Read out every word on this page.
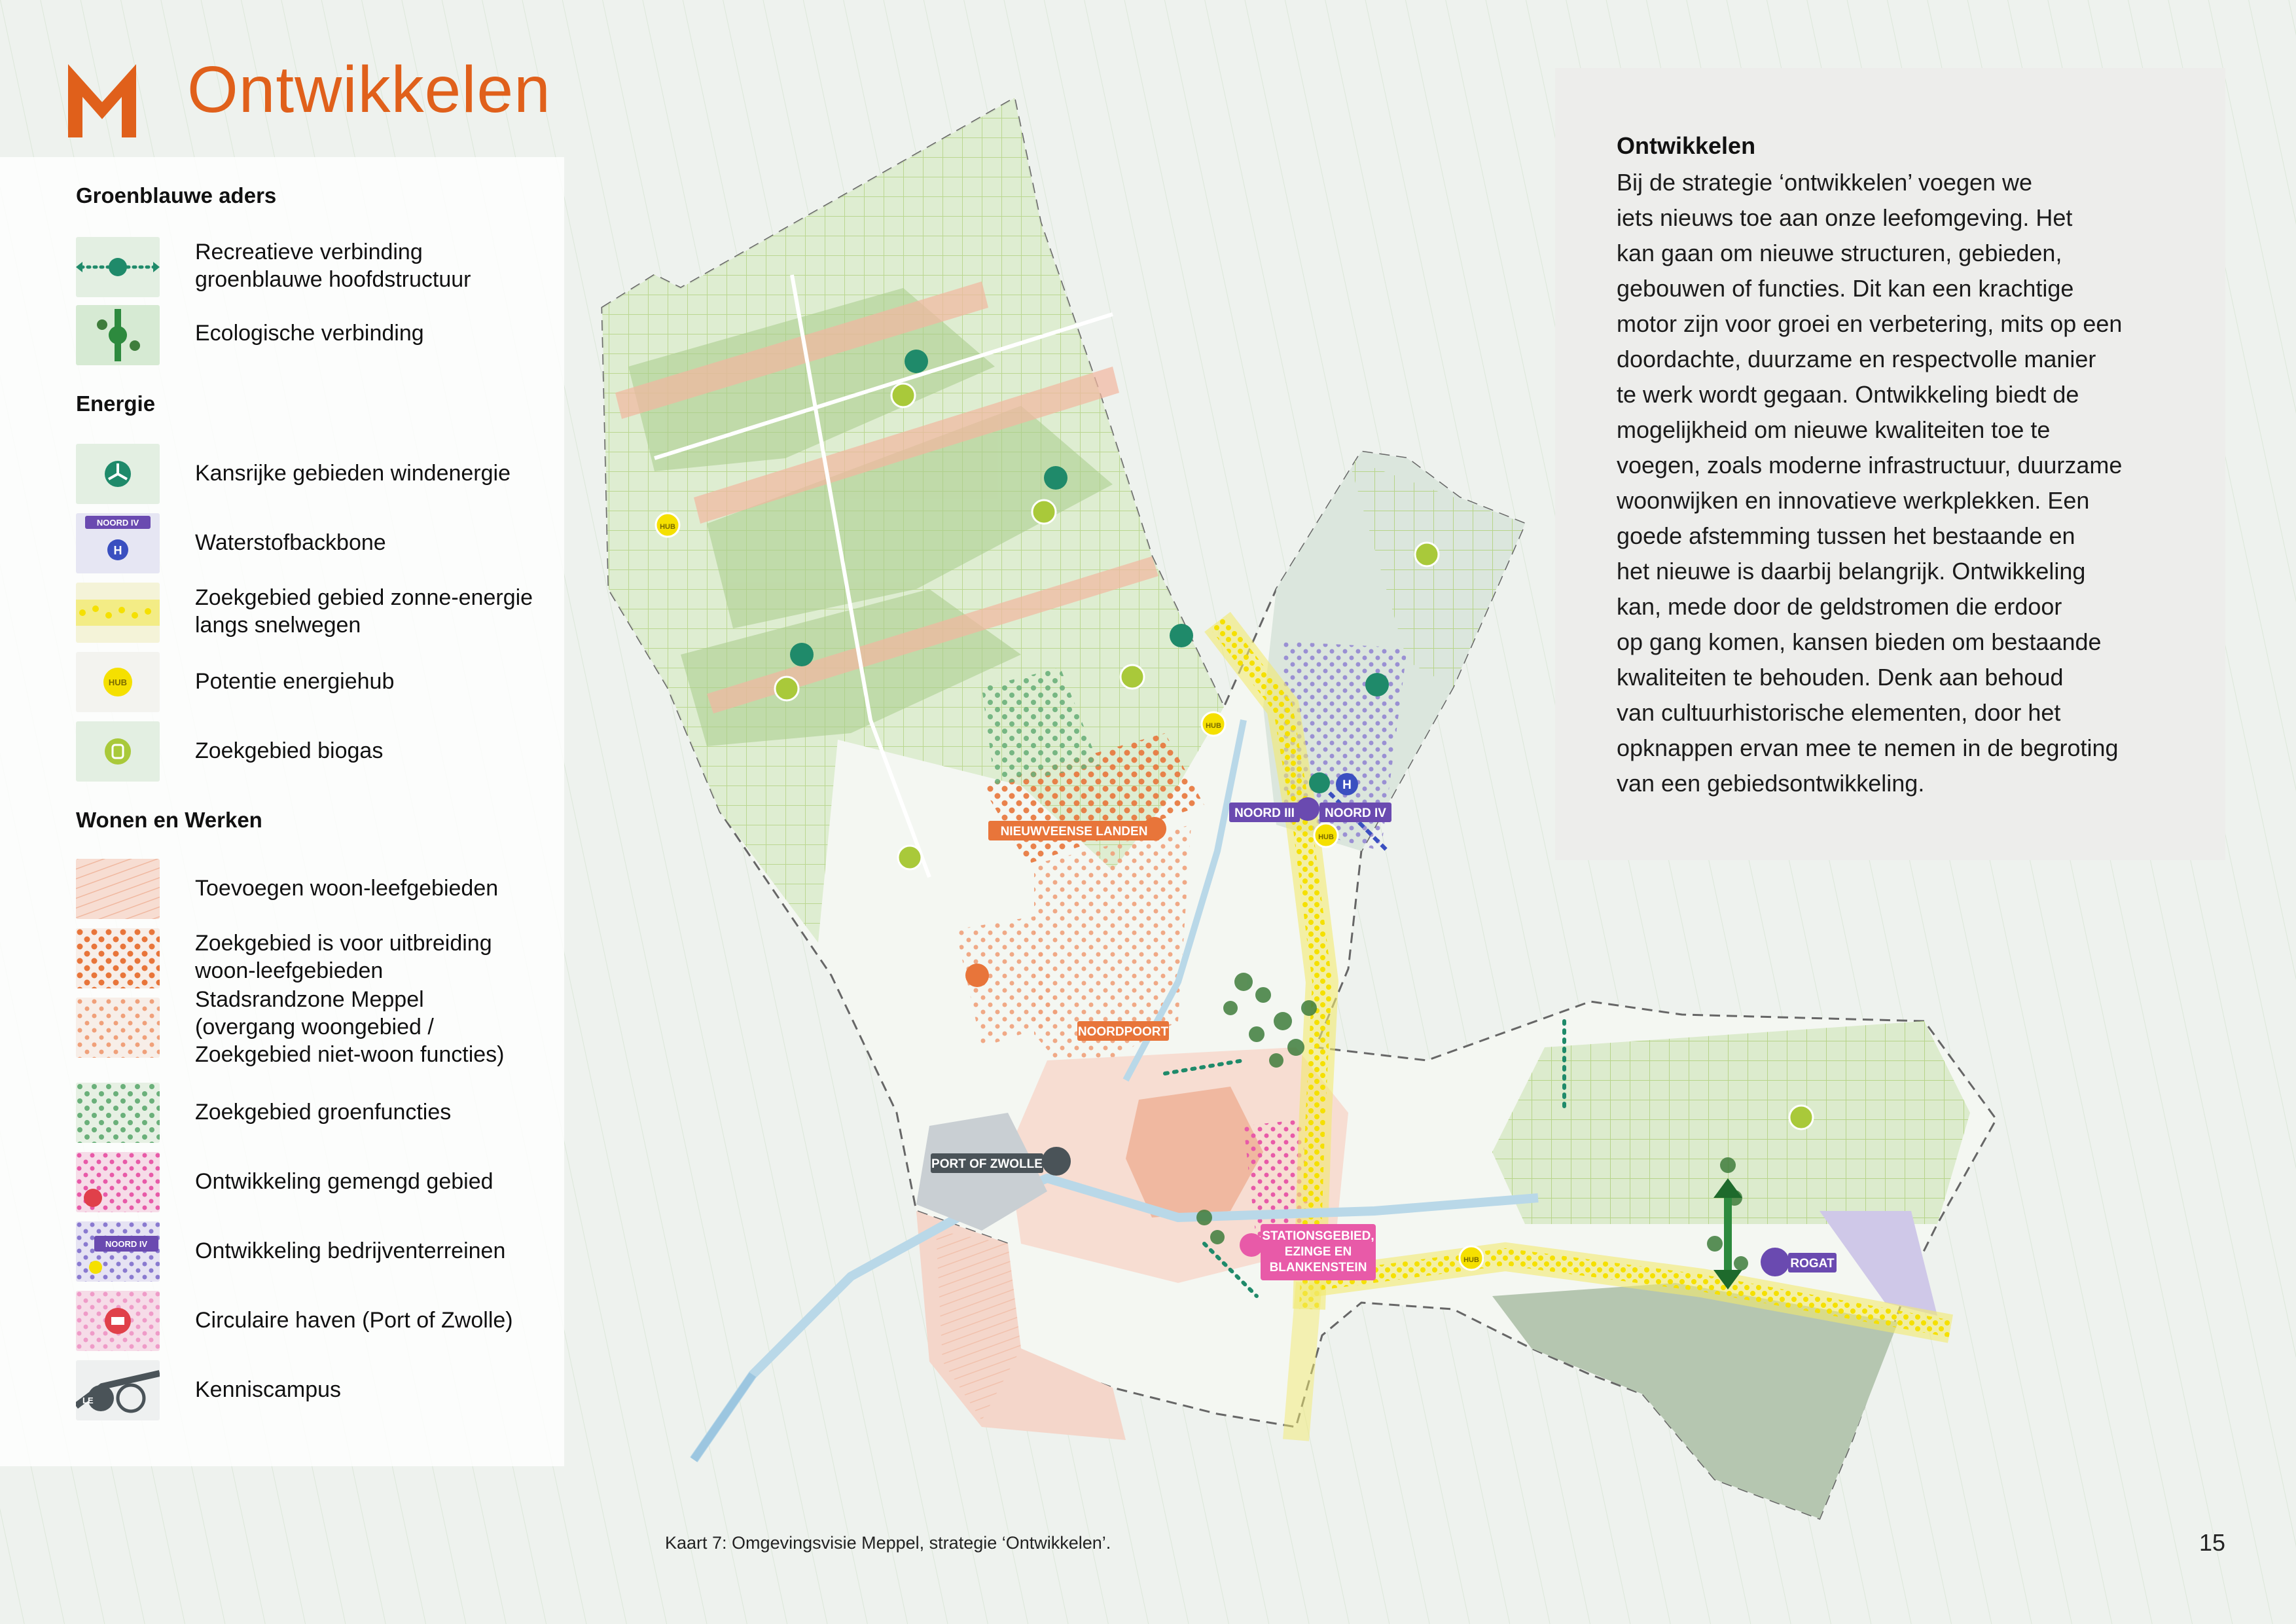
H
NIEUWVEENSE LANDEN
NOORD III NOORD IV
NOORDPOORT
PORT OF ZWOLLE
STATIONSGEBIED,
EZINGE EN
BLANKENSTEIN	ROGAT
HUB
HUB
HUB
HUB
Ontwikkelen
Groenblauwe aders
Recreatieve verbinding
groenblauwe hoofdstructuur
Ecologische verbinding
Energie
Kansrijke gebieden windenergie
NOORD IV
H	Waterstofbackbone
Zoekgebied gebied zonne-energie
langs snelwegen
HUB	Potentie energiehub
Zoekgebied biogas
Wonen en Werken
Toevoegen woon-leefgebieden
Zoekgebied is voor uitbreiding
woon-leefgebieden
Stadsrandzone Meppel
(overgang woongebied /
Zoekgebied niet-woon functies)
Zoekgebied groenfuncties
Ontwikkeling gemengd gebied
NOORD IV Ontwikkeling bedrijventerreinen
Circulaire haven (Port of Zwolle)
LE	Kenniscampus
Ontwikkelen
Bij de strategie ‘ontwikkelen’ voegen we
iets nieuws toe aan onze leefomgeving. Het
kan gaan om nieuwe structuren, gebieden,
gebouwen of functies. Dit kan een krachtige
motor zijn voor groei en verbetering, mits op een
doordachte, duurzame en respectvolle manier
te werk wordt gegaan. Ontwikkeling biedt de
mogelijkheid om nieuwe kwaliteiten toe te
voegen, zoals moderne infrastructuur, duurzame
woonwijken en innovatieve werkplekken. Een
goede afstemming tussen het bestaande en
het nieuwe is daarbij belangrijk. Ontwikkeling
kan, mede door de geldstromen die erdoor
op gang komen, kansen bieden om bestaande
kwaliteiten te behouden. Denk aan behoud
van cultuurhistorische elementen, door het
opknappen ervan mee te nemen in de begroting
van een gebiedsontwikkeling.
Kaart 7: Omgevingsvisie Meppel, strategie ‘Ontwikkelen’.	15
